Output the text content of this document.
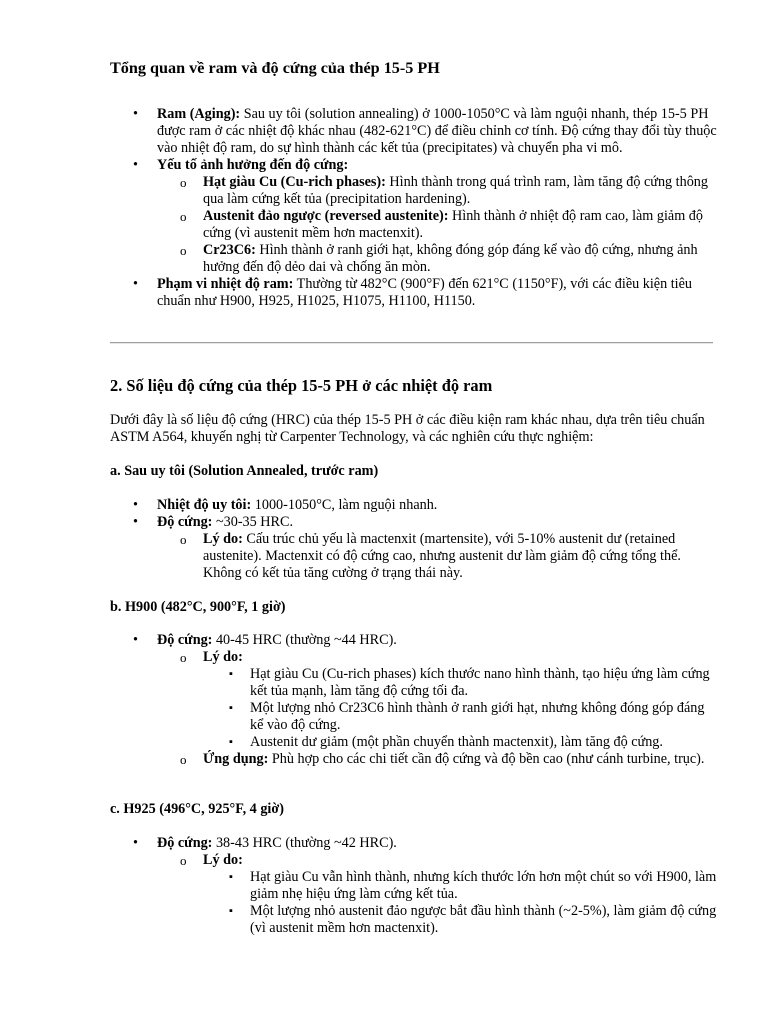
Tổng quan về ram và độ cứng của thép 15-5 PH
• Ram (Aging): Sau uy tôi (solution annealing) ở 1000-1050°C và làm nguội nhanh, thép 15-5 PH được ram ở các nhiệt độ khác nhau (482-621°C) để điều chỉnh cơ tính. Độ cứng thay đổi tùy thuộc vào nhiệt độ ram, do sự hình thành các kết tủa (precipitates) và chuyển pha vi mô.
• Yếu tố ảnh hưởng đến độ cứng:
o Hạt giàu Cu (Cu-rich phases): Hình thành trong quá trình ram, làm tăng độ cứng thông qua làm cứng kết tủa (precipitation hardening).
o Austenit đảo ngược (reversed austenite): Hình thành ở nhiệt độ ram cao, làm giảm độ cứng (vì austenit mềm hơn mactenxit).
o Cr23C6: Hình thành ở ranh giới hạt, không đóng góp đáng kể vào độ cứng, nhưng ảnh hưởng đến độ dẻo dai và chống ăn mòn.
• Phạm vi nhiệt độ ram: Thường từ 482°C (900°F) đến 621°C (1150°F), với các điều kiện tiêu chuẩn như H900, H925, H1025, H1075, H1100, H1150.
2. Số liệu độ cứng của thép 15-5 PH ở các nhiệt độ ram

Dưới đây là số liệu độ cứng (HRC) của thép 15-5 PH ở các điều kiện ram khác nhau, dựa trên tiêu chuẩn ASTM A564, khuyến nghị từ Carpenter Technology, và các nghiên cứu thực nghiệm:

a. Sau uy tôi (Solution Annealed, trước ram)
• Nhiệt độ uy tôi: 1000-1050°C, làm nguội nhanh.
• Độ cứng: ~30-35 HRC.
o Lý do: Cấu trúc chủ yếu là mactenxit (martensite), với 5-10% austenit dư (retained austenite). Mactenxit có độ cứng cao, nhưng austenit dư làm giảm độ cứng tổng thể. Không có kết tủa tăng cường ở trạng thái này.
b. H900 (482°C, 900°F, 1 giờ)
• Độ cứng: 40-45 HRC (thường ~44 HRC).
o Lý do:
▪ Hạt giàu Cu (Cu-rich phases) kích thước nano hình thành, tạo hiệu ứng làm cứng kết tủa mạnh, làm tăng độ cứng tối đa.
▪ Một lượng nhỏ Cr23C6 hình thành ở ranh giới hạt, nhưng không đóng góp đáng kể vào độ cứng.
▪ Austenit dư giảm (một phần chuyển thành mactenxit), làm tăng độ cứng.
o Ứng dụng: Phù hợp cho các chi tiết cần độ cứng và độ bền cao (như cánh turbine, trục).
c. H925 (496°C, 925°F, 4 giờ)
• Độ cứng: 38-43 HRC (thường ~42 HRC).
o Lý do:
▪ Hạt giàu Cu vẫn hình thành, nhưng kích thước lớn hơn một chút so với H900, làm giảm nhẹ hiệu ứng làm cứng kết tủa.
▪ Một lượng nhỏ austenit đảo ngược bắt đầu hình thành (~2-5%), làm giảm độ cứng (vì austenit mềm hơn mactenxit).
